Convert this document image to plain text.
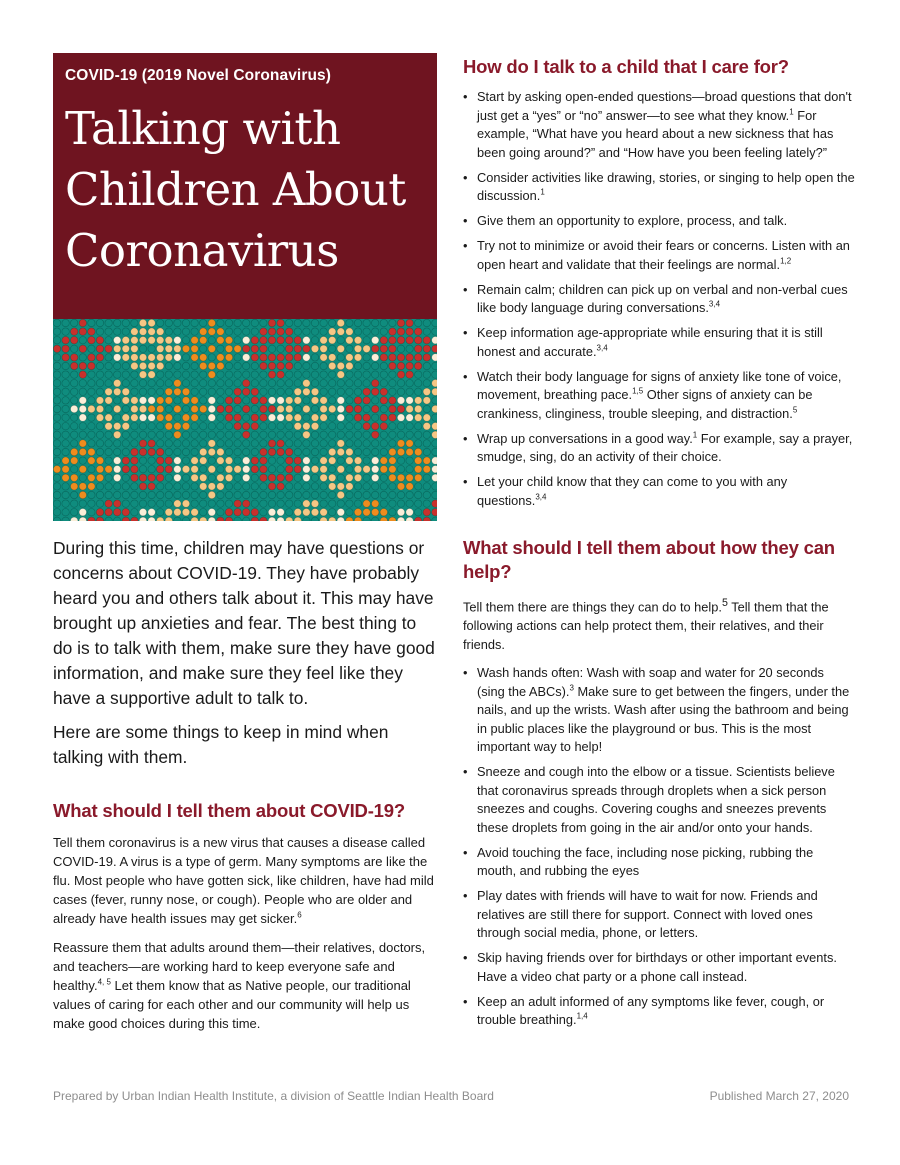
COVID-19 (2019 Novel Coronavirus)
Talking with
Children About
Coronavirus

During this time, children may have questions or concerns about COVID-19. They have probably heard you and others talk about it. This may have brought up anxieties and fear. The best thing to do is to talk with them, make sure they have good information, and make sure they feel like they have a supportive adult to talk to.

Here are some things to keep in mind when talking with them.

What should I tell them about COVID-19?

Tell them coronavirus is a new virus that causes a disease called COVID-19. A virus is a type of germ. Many symptoms are like the flu. Most people who have gotten sick, like children, have had mild cases (fever, runny nose, or cough). People who are older and already have health issues may get sicker.$^6$

Reassure them that adults around them—their relatives, doctors, and teachers—are working hard to keep everyone safe and healthy.$^{4, 5}$ Let them know that as Native people, our traditional values of caring for each other and our community will help us make good choices during this time.

How do I talk to a child that I care for?
• Start by asking open-ended questions—broad questions that don't just get a “yes” or “no” answer—to see what they know.$^1$ For example, “What have you heard about a new sickness that has been going around?” and “How have you been feeling lately?”
• Consider activities like drawing, stories, or singing to help open the discussion.$^1$
• Give them an opportunity to explore, process, and talk.
• Try not to minimize or avoid their fears or concerns. Listen with an open heart and validate that their feelings are normal.$^{1,2}$
• Remain calm; children can pick up on verbal and non-verbal cues like body language during conversations.$^{3,4}$
• Keep information age-appropriate while ensuring that it is still honest and accurate.$^{3,4}$
• Watch their body language for signs of anxiety like tone of voice, movement, breathing pace.$^{1,5}$ Other signs of anxiety can be crankiness, clinginess, trouble sleeping, and distraction.$^5$
• Wrap up conversations in a good way.$^1$ For example, say a prayer, smudge, sing, do an activity of their choice.
• Let your child know that they can come to you with any questions.$^{3,4}$
What should I tell them about how they can help?

Tell them there are things they can do to help.$^5$ Tell them that the following actions can help protect them, their relatives, and their friends.

• Wash hands often: Wash with soap and water for 20 seconds (sing the ABCs).$^3$ Make sure to get between the fingers, under the nails, and up the wrists. Wash after using the bathroom and being in public places like the playground or bus. This is the most important way to help!
• Sneeze and cough into the elbow or a tissue. Scientists believe that coronavirus spreads through droplets when a sick person sneezes and coughs. Covering coughs and sneezes prevents these droplets from going in the air and/or onto your hands.
• Avoid touching the face, including nose picking, rubbing the mouth, and rubbing the eyes
• Play dates with friends will have to wait for now. Friends and relatives are still there for support. Connect with loved ones through social media, phone, or letters.
• Skip having friends over for birthdays or other important events. Have a video chat party or a phone call instead.
• Keep an adult informed of any symptoms like fever, cough, or trouble breathing.$^{1,4}$
Prepared by Urban Indian Health Institute, a division of Seattle Indian Health Board	Published March 27, 2020
